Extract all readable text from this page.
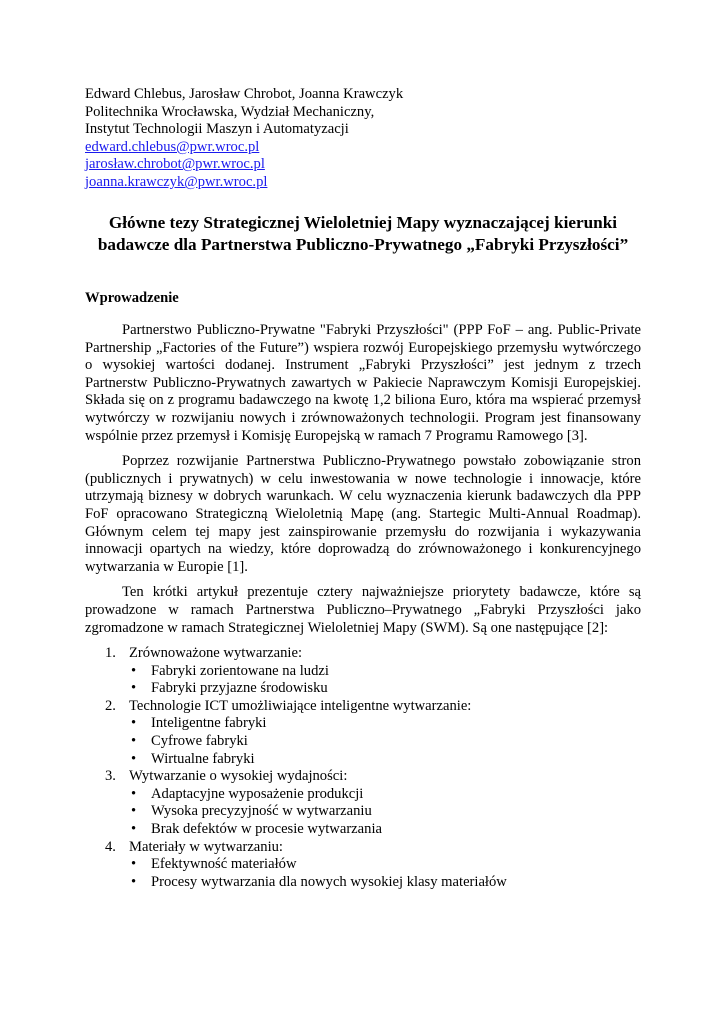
Edward Chlebus, Jarosław Chrobot, Joanna Krawczyk
Politechnika Wrocławska, Wydział Mechaniczny,
Instytut Technologii Maszyn i Automatyzacji
edward.chlebus@pwr.wroc.pl
jarosław.chrobot@pwr.wroc.pl
joanna.krawczyk@pwr.wroc.pl
Główne tezy Strategicznej Wieloletniej Mapy wyznaczającej kierunki
badawcze dla Partnerstwa Publiczno-Prywatnego „Fabryki Przyszłości”
Wprowadzenie

Partnerstwo Publiczno-Prywatne "Fabryki Przyszłości" (PPP FoF – ang. Public-Private Partnership „Factories of the Future”) wspiera rozwój Europejskiego przemysłu wytwórczego o wysokiej wartości dodanej. Instrument „Fabryki Przyszłości” jest jednym z trzech Partnerstw Publiczno-Prywatnych zawartych w Pakiecie Naprawczym Komisji Europejskiej. Składa się on z programu badawczego na kwotę 1,2 biliona Euro, która ma wspierać przemysł wytwórczy w rozwijaniu nowych i zrównoważonych technologii. Program jest finansowany wspólnie przez przemysł i Komisję Europejską w ramach 7 Programu Ramowego [3].

Poprzez rozwijanie Partnerstwa Publiczno-Prywatnego powstało zobowiązanie stron (publicznych i prywatnych) w celu inwestowania w nowe technologie i innowacje, które utrzymają biznesy w dobrych warunkach. W celu wyznaczenia kierunk badawczych dla PPP FoF opracowano Strategiczną Wieloletnią Mapę (ang. Startegic Multi-Annual Roadmap). Głównym celem tej mapy jest zainspirowanie przemysłu do rozwijania i wykazywania innowacji opartych na wiedzy, które doprowadzą do zrównoważonego i konkurencyjnego wytwarzania w Europie [1].

Ten krótki artykuł prezentuje cztery najważniejsze priorytety badawcze, które są prowadzone w ramach Partnerstwa Publiczno–Prywatnego „Fabryki Przyszłości jako zgromadzone w ramach Strategicznej Wieloletniej Mapy (SWM). Są one następujące [2]:

1. Zrównoważone wytwarzanie:
• Fabryki zorientowane na ludzi
• Fabryki przyjazne środowisku
2. Technologie ICT umożliwiające inteligentne wytwarzanie:
• Inteligentne fabryki
• Cyfrowe fabryki
• Wirtualne fabryki
3. Wytwarzanie o wysokiej wydajności:
• Adaptacyjne wyposażenie produkcji
• Wysoka precyzyjność w wytwarzaniu
• Brak defektów w procesie wytwarzania
4. Materiały w wytwarzaniu:
• Efektywność materiałów
• Procesy wytwarzania dla nowych wysokiej klasy materiałów
